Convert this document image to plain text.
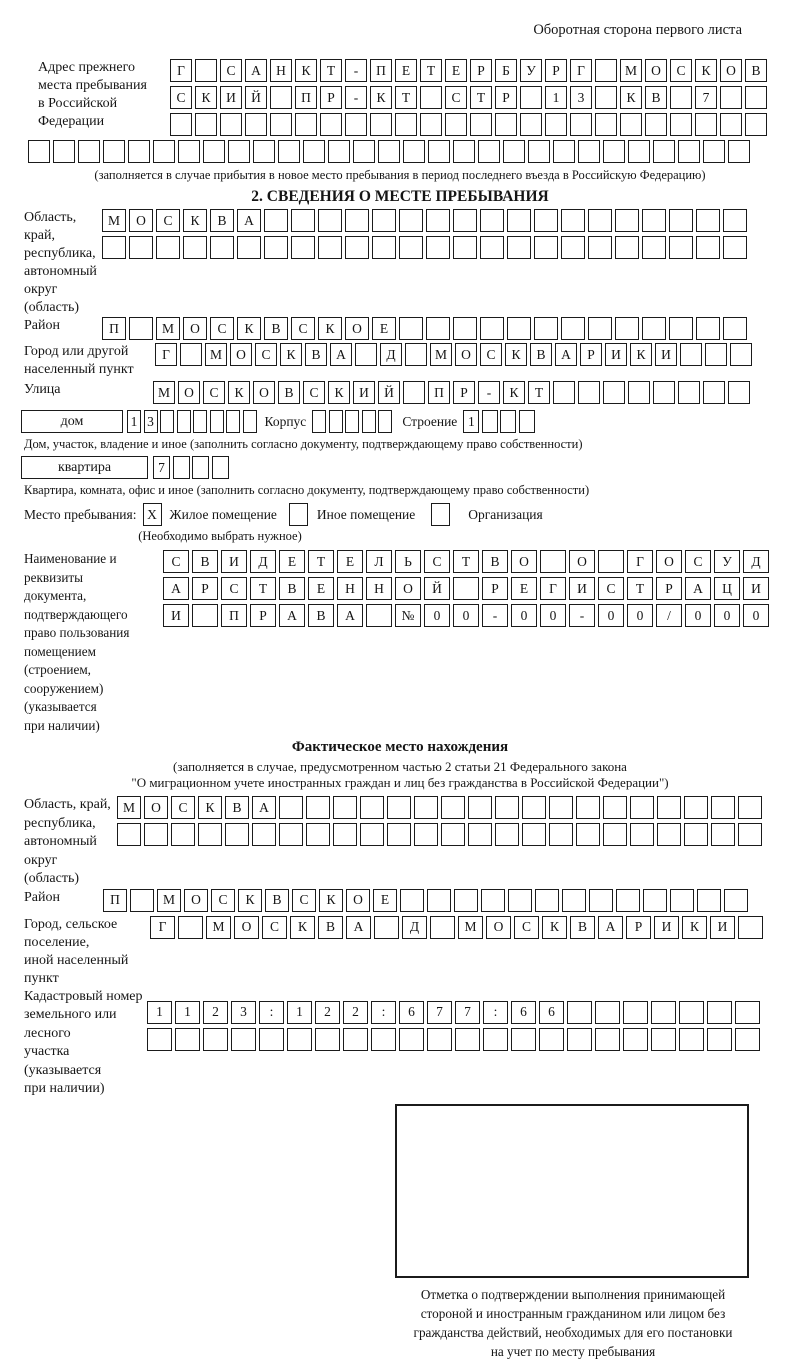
Оборотная сторона первого листа
Адрес прежнего
места пребывания
в Российской
Федерации
Г	С	А	Н	К	Т	-	П	Е	Т	Е	Р	Б	У	Р	Г	М	О	С	К	О	В
С	К	И	Й	П	Р	-	К	Т	С	Т	Р	1	3	К	В	7
(заполняется в случае прибытия в новое место пребывания в период последнего въезда в Российскую Федерацию)
2. СВЕДЕНИЯ О МЕСТЕ ПРЕБЫВАНИЯ
Область, край,
республика,
автономный
округ (область)
М	О	С	К	В	А
Район	П	М	О	С	К	В	С	К	О	Е
Город или другой
населенный пункт
Г	М	О	С	К	В	А	Д	М	О	С	К	В	А	Р	И	К	И
Улица	М	О	С	К	О	В	С	К	И	Й	П	Р	-	К	Т
дом	1 3	Корпус	Строение 1
Дом, участок, владение и иное (заполнить согласно документу, подтверждающему право собственности)
квартира	7
Квартира, комната, офис и иное (заполнить согласно документу, подтверждающему право собственности)
Место пребывания: X Жилое помещение	Иное помещение	Организация
(Необходимо выбрать нужное)
Наименование и реквизиты
документа, подтверждающего
право пользования
помещением (строением,
сооружением) (указывается
при наличии)
С	В	И	Д	Е	Т	Е	Л	Ь	С	Т	В	О	О	Г	О	С	У	Д
А	Р	С	Т	В	Е	Н	Н	О	Й	Р	Е	Г	И	С	Т	Р	А	Ц	И
И	П	Р	А	В	А	№	0	0	-	0	0	-	0	0	/	0	0	0
Фактическое место нахождения
(заполняется в случае, предусмотренном частью 2 статьи 21 Федерального закона
"О миграционном учете иностранных граждан и лиц без гражданства в Российской Федерации")
Область, край,
республика,
автономный округ
(область)
М	О	С	К	В	А
Район	П	М	О	С	К	В	С	К	О	Е
Город, сельское поселение,
иной населенный пункт
Г	М	О	С	К	В	А	Д	М	О	С	К	В	А	Р	И	К	И
Кадастровый номер
земельного или лесного
участка (указывается
при наличии)
1	1	2	3	:	1	2	2	:	6	7	7	:	6	6
Отметка о подтверждении выполнения принимающей
стороной и иностранным гражданином или лицом без
гражданства действий, необходимых для его постановки
на учет по месту пребывания
